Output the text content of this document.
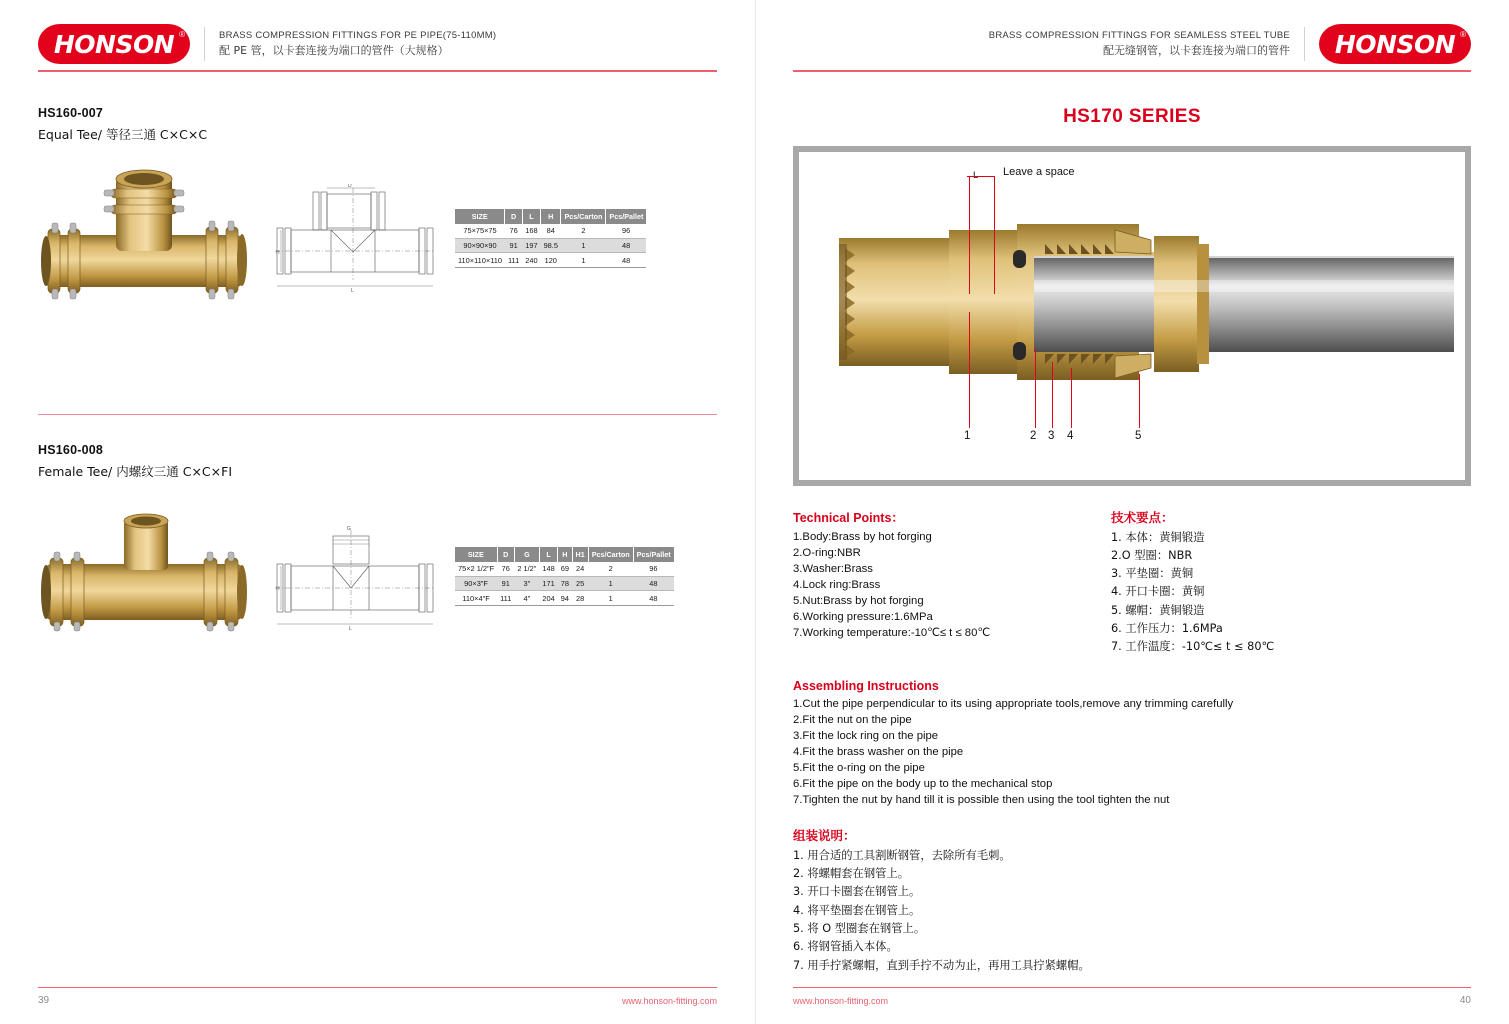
HONSON ®	BRASS COMPRESSION FITTINGS FOR PE PIPE(75-110MM)
配 PE 管，以卡套连接为端口的管件（大规格）
HS160-007
Equal Tee/ 等径三通 C×C×C
L
H
D
SIZE	D	L	H	Pcs/Carton	Pcs/Pallet
75×75×75	76	168	84	2	96
90×90×90	91	197	98.5	1	48
110×110×110	111	240	120	1	48
HS160-008
Female Tee/ 内螺纹三通 C×C×FI
L
H
G
SIZE	D	G	L	H	H1	Pcs/Carton	Pcs/Pallet
75×2 1/2"F	76	2 1/2"	148	69	24	2	96
90×3"F	91	3"	171	78	25	1	48
110×4"F	111	4"	204	94	28	1	48
39	www.honson-fitting.com
BRASS COMPRESSION FITTINGS FOR SEAMLESS STEEL TUBE
配无缝钢管，以卡套连接为端口的管件 HONSON ®
HS170 SERIES
Leave a space
1	2 3 4	5
Technical Points：
1.Body:Brass by hot forging
2.O-ring:NBR
3.Washer:Brass
4.Lock ring:Brass
5.Nut:Brass by hot forging
6.Working pressure:1.6MPa
7.Working temperature:-10℃≤ t ≤ 80℃
技术要点：
1. 本体：黄铜锻造
2.O 型圈：NBR
3. 平垫圈：黄铜
4. 开口卡圈：黄铜
5. 螺帽：黄铜锻造
6. 工作压力：1.6MPa
7. 工作温度：-10℃≤ t ≤ 80℃
Assembling Instructions
1.Cut the pipe perpendicular to its using appropriate tools,remove any trimming carefully
2.Fit the nut on the pipe
3.Fit the lock ring on the pipe
4.Fit the brass washer on the pipe
5.Fit the o-ring on the pipe
6.Fit the pipe on the body up to the mechanical stop
7.Tighten the nut by hand till it is possible then using the tool tighten the nut
组装说明：
1. 用合适的工具割断钢管，去除所有毛刺。
2. 将螺帽套在钢管上。
3. 开口卡圈套在钢管上。
4. 将平垫圈套在钢管上。
5. 将 O 型圈套在钢管上。
6. 将钢管插入本体。
7. 用手拧紧螺帽，直到手拧不动为止，再用工具拧紧螺帽。
www.honson-fitting.com	40
